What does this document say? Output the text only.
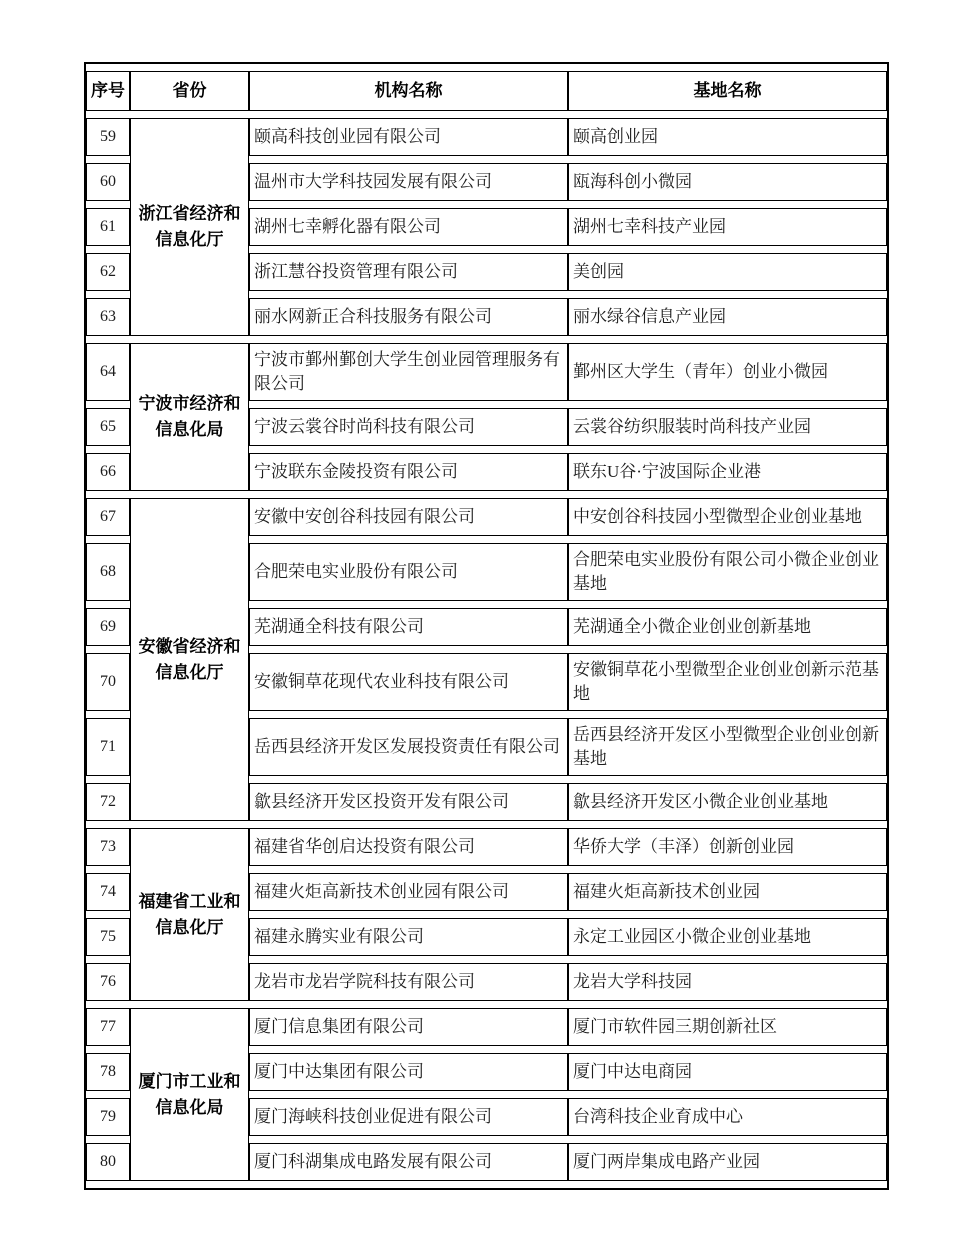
序号	省份	机构名称	基地名称
59	浙江省经济和信息化厅	颐高科技创业园有限公司	颐高创业园
60		温州市大学科技园发展有限公司	瓯海科创小微园
61		湖州七幸孵化器有限公司	湖州七幸科技产业园
62		浙江慧谷投资管理有限公司	美创园
63		丽水网新正合科技服务有限公司	丽水绿谷信息产业园
64	宁波市经济和信息化局	宁波市鄞州鄞创大学生创业园管理服务有限公司	鄞州区大学生（青年）创业小微园
65		宁波云裳谷时尚科技有限公司	云裳谷纺织服装时尚科技产业园
66		宁波联东金陵投资有限公司	联东U谷·宁波国际企业港
67	安徽省经济和信息化厅	安徽中安创谷科技园有限公司	中安创谷科技园小型微型企业创业基地
68		合肥荣电实业股份有限公司	合肥荣电实业股份有限公司小微企业创业基地
69		芜湖通全科技有限公司	芜湖通全小微企业创业创新基地
70		安徽铜草花现代农业科技有限公司	安徽铜草花小型微型企业创业创新示范基地
71		岳西县经济开发区发展投资责任有限公司	岳西县经济开发区小型微型企业创业创新基地
72		歙县经济开发区投资开发有限公司	歙县经济开发区小微企业创业基地
73	福建省工业和信息化厅	福建省华创启达投资有限公司	华侨大学（丰泽）创新创业园
74		福建火炬高新技术创业园有限公司	福建火炬高新技术创业园
75		福建永腾实业有限公司	永定工业园区小微企业创业基地
76		龙岩市龙岩学院科技有限公司	龙岩大学科技园
77	厦门市工业和信息化局	厦门信息集团有限公司	厦门市软件园三期创新社区
78		厦门中达集团有限公司	厦门中达电商园
79		厦门海峡科技创业促进有限公司	台湾科技企业育成中心
80		厦门科湖集成电路发展有限公司	厦门两岸集成电路产业园
